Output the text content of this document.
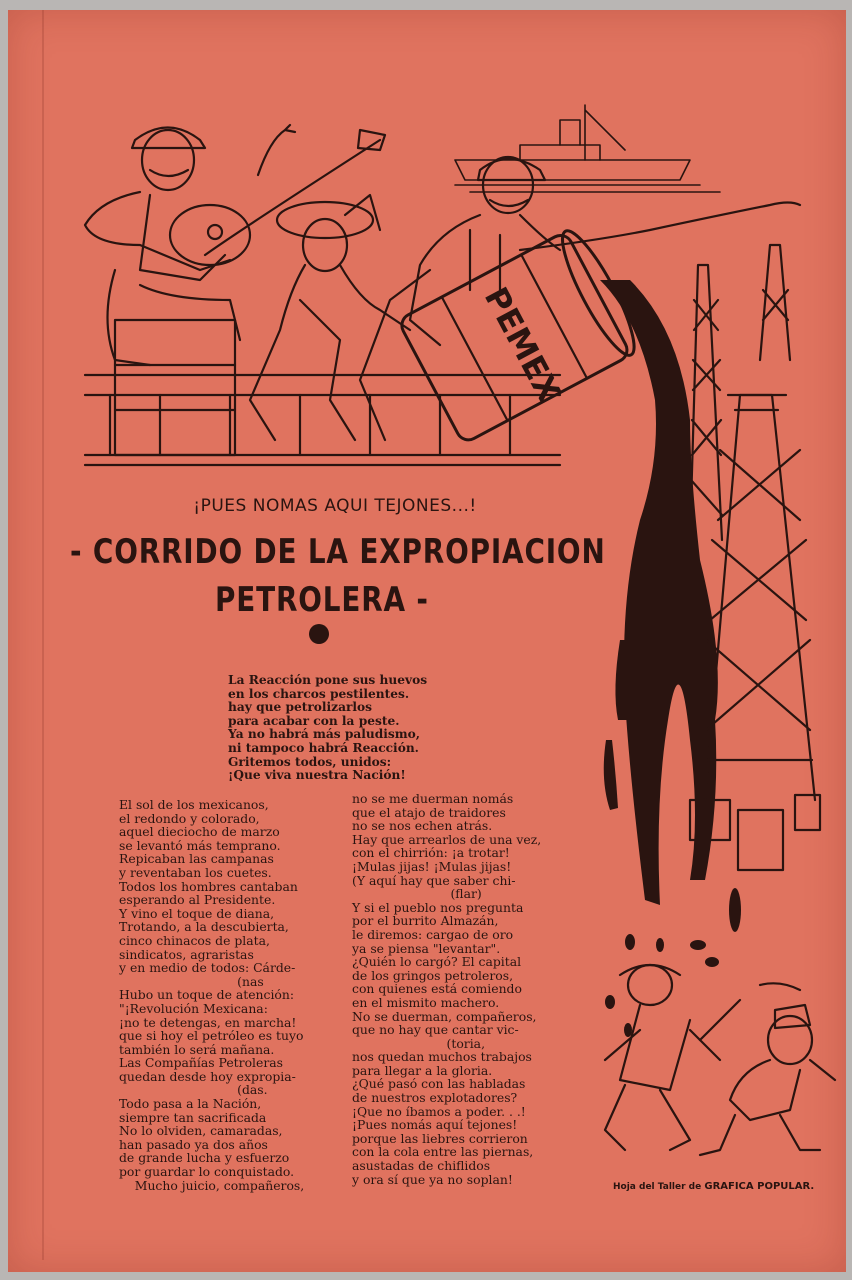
PEMEX
¡PUES NOMAS AQUI TEJONES...!
- CORRIDO DE LA EXPROPIACION
PETROLERA -
La Reacción pone sus huevos
en los charcos pestilentes.
hay que petrolizarlos
para acabar con la peste.
Ya no habrá más paludismo,
ni tampoco habrá Reacción.
Gritemos todos, unidos:
¡Que viva nuestra Nación!
El sol de los mexicanos,
el redondo y colorado,
aquel dieciocho de marzo
se levantó más temprano.
Repicaban las campanas
y reventaban los cuetes.
Todos los hombres cantaban
esperando al Presidente.
Y vino el toque de diana,
Trotando, a la descubierta,
cinco chinacos de plata,
sindicatos, agraristas
y en medio de todos: Cárde-
(nas
Hubo un toque de atención:
"¡Revolución Mexicana:
¡no te detengas, en marcha!
que si hoy el petróleo es tuyo
también lo será mañana.
Las Compañías Petroleras
quedan desde hoy expropia-
(das.
Todo pasa a la Nación,
siempre tan sacrificada
No lo olviden, camaradas,
han pasado ya dos años
de grande lucha y esfuerzo
por guardar lo conquistado.
Mucho juicio, compañeros,
no se me duerman nomás
que el atajo de traidores
no se nos echen atrás.
Hay que arrearlos de una vez,
con el chirrión: ¡a trotar!
¡Mulas jijas! ¡Mulas jijas!
(Y aquí hay que saber chi-
(flar)
Y si el pueblo nos pregunta
por el burrito Almazán,
le diremos: cargao de oro
ya se piensa "levantar".
¿Quién lo cargó? El capital
de los gringos petroleros,
con quienes está comiendo
en el mismito machero.
No se duerman, compañeros,
que no hay que cantar vic-
(toria,
nos quedan muchos trabajos
para llegar a la gloria.
¿Qué pasó con las habladas
de nuestros explotadores?
¡Que no íbamos a poder. . .!
¡Pues nomás aquí tejones!
porque las liebres corrieron
con la cola entre las piernas,
asustadas de chiflidos
y ora sí que ya no soplan!
Hoja del Taller de GRAFICA POPULAR.
